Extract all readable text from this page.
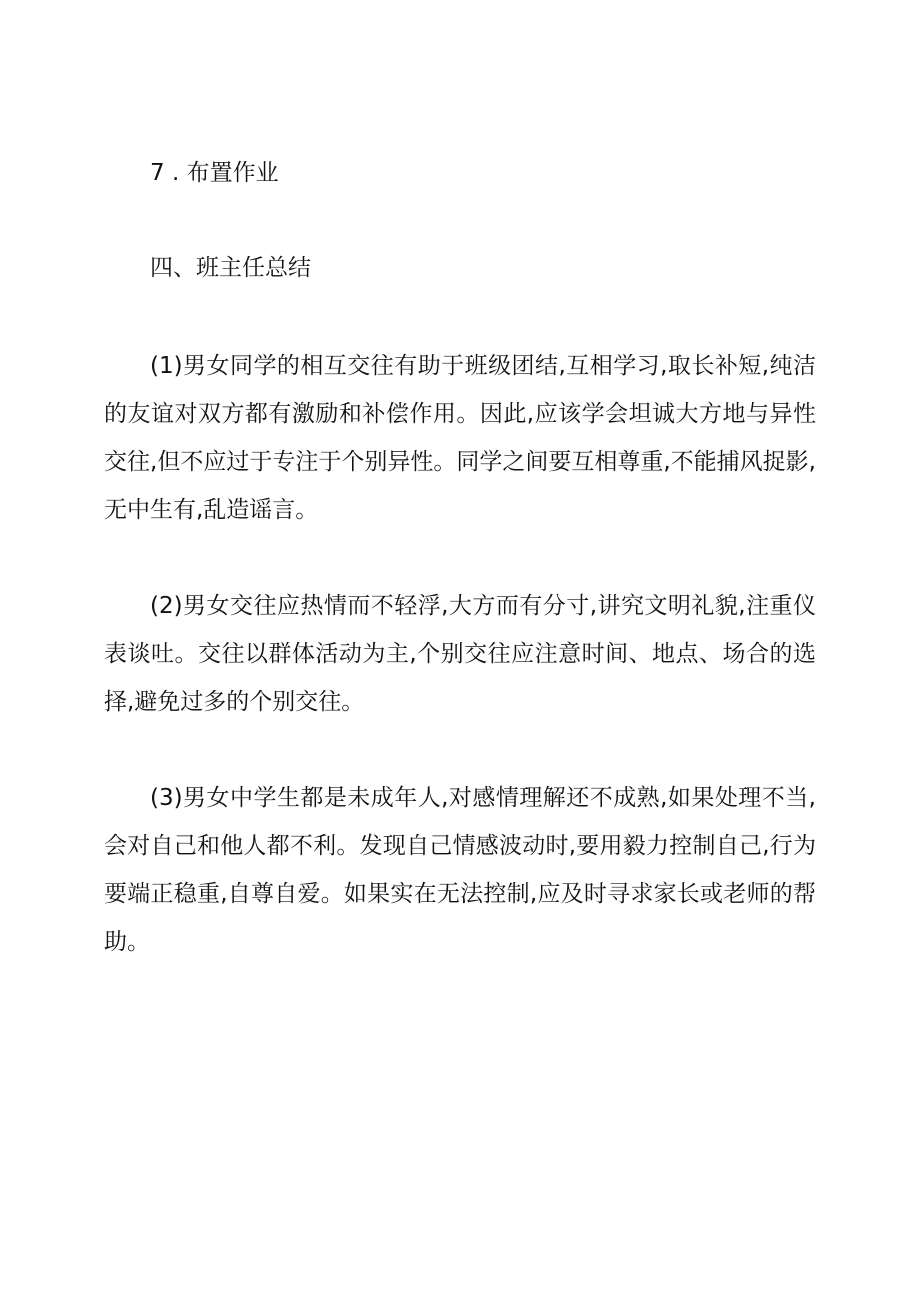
7 . 布置作业

四、班主任总结

(1)男女同学的相互交往有助于班级团结,互相学习,取长补短,纯洁的友谊对双方都有激励和补偿作用。因此,应该学会坦诚大方地与异性交往,但不应过于专注于个别异性。同学之间要互相尊重,不能捕风捉影,无中生有,乱造谣言。

(2)男女交往应热情而不轻浮,大方而有分寸,讲究文明礼貌,注重仪表谈吐。交往以群体活动为主,个别交往应注意时间、地点、场合的选择,避免过多的个别交往。

(3)男女中学生都是未成年人,对感情理解还不成熟,如果处理不当,会对自己和他人都不利。发现自己情感波动时,要用毅力控制自己,行为要端正稳重,自尊自爱。如果实在无法控制,应及时寻求家长或老师的帮助。
